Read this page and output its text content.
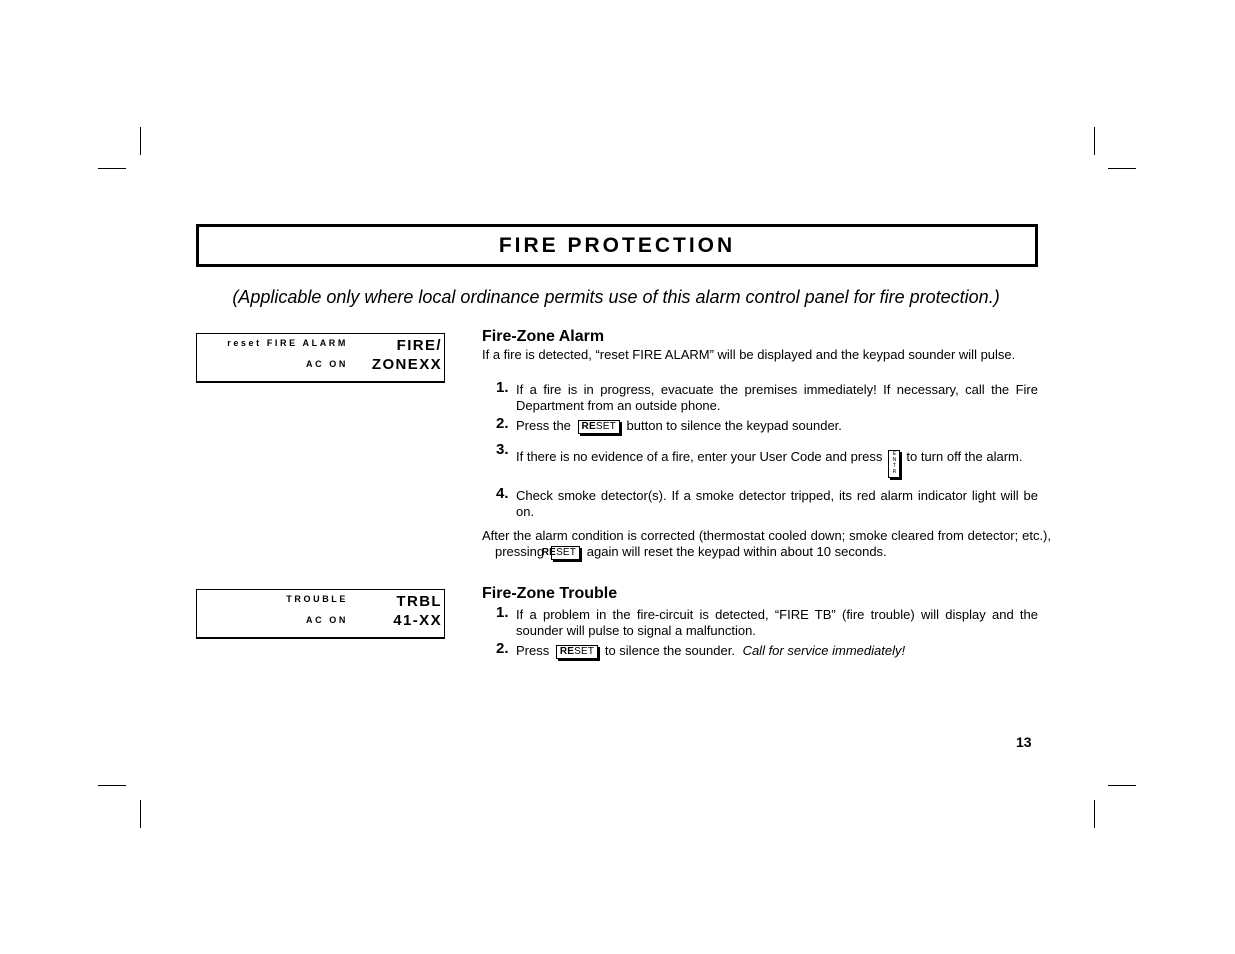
FIRE PROTECTION
(Applicable only where local ordinance permits use of this alarm control panel for fire protection.)
reset FIRE ALARM
AC ON
FIRE/
ZONEXX
TROUBLE
AC ON
TRBL
41-XX
Fire-Zone Alarm
If a fire is detected, “reset FIRE ALARM” will be displayed and the keypad sounder will pulse.
1. If a fire is in progress, evacuate the premises immediately! If necessary, call the Fire Department from an outside phone.
2. Press the RESET button to silence the keypad sounder.
3. If there is no evidence of a fire, enter your User Code and press E
N
T
Rto turn off the alarm.
4. Check smoke detector(s). If a smoke detector tripped, its red alarm indicator light will be on.
After the alarm condition is corrected (thermostat cooled down; smoke cleared from detector; etc.), pressing RESET again will reset the keypad within about 10 seconds.
Fire-Zone Trouble
1. If a problem in the fire-circuit is detected, “FIRE TB” (fire trouble) will display and the sounder will pulse to signal a malfunction.
2. Press RESET to silence the sounder. Call for service immediately!
13
